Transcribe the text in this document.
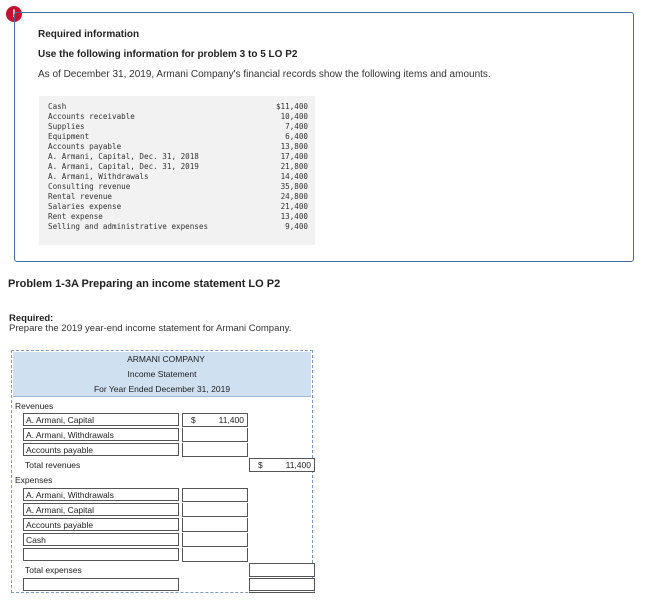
!
Required information
Use the following information for problem 3 to 5 LO P2
As of December 31, 2019, Armani Company's financial records show the following items and amounts.
Cash	$11,400
Accounts receivable	10,400
Supplies	7,400
Equipment	6,400
Accounts payable	13,800
A. Armani, Capital, Dec. 31, 2018	17,400
A. Armani, Capital, Dec. 31, 2019	21,800
A. Armani, Withdrawals	14,400
Consulting revenue	35,800
Rental revenue	24,800
Salaries expense	21,400
Rent expense	13,400
Selling and administrative expenses	9,400
Problem 1-3A Preparing an income statement LO P2
Required:
Prepare the 2019 year-end income statement for Armani Company.
ARMANI COMPANY
Income Statement
For Year Ended December 31, 2019
Revenues
A. Armani, Capital	$	11,400
A. Armani, Withdrawals
Accounts payable
Total revenues	$	11,400
Expenses
A. Armani, Withdrawals
A. Armani, Capital
Accounts payable
Cash
Total expenses
